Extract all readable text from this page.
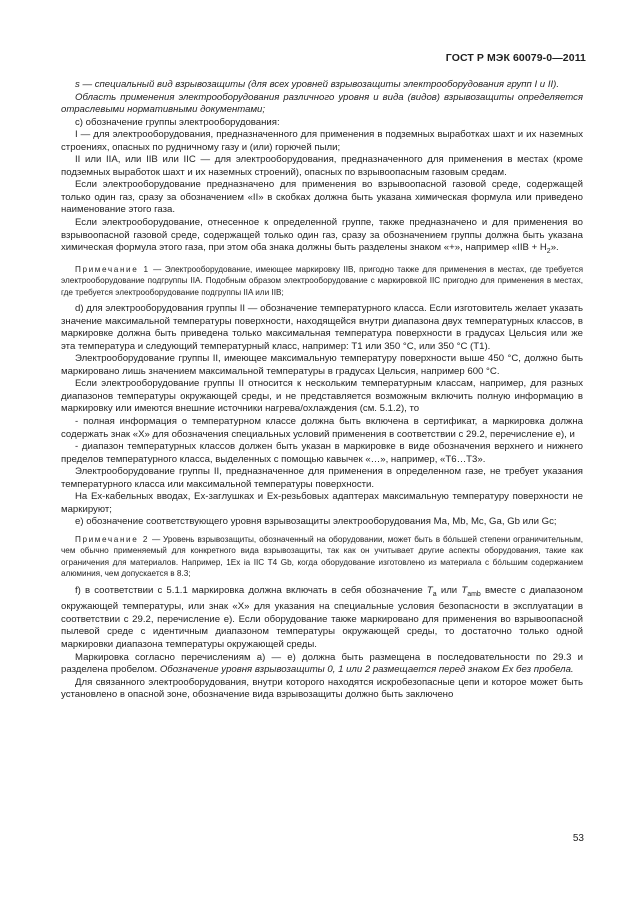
ГОСТ Р МЭК 60079-0—2011

s — специальный вид взрывозащиты (для всех уровней взрывозащиты электрооборудования групп I и II).

Область применения электрооборудования различного уровня и вида (видов) взрывозащиты определяется отраслевыми нормативными документами;

c) обозначение группы электрооборудования:

I — для электрооборудования, предназначенного для применения в подземных выработках шахт и их наземных строениях, опасных по рудничному газу и (или) горючей пыли;

II или IIA, или IIB или IIC — для электрооборудования, предназначенного для применения в местах (кроме подземных выработок шахт и их наземных строений), опасных по взрывоопасным газовым средам.

Если электрооборудование предназначено для применения во взрывоопасной газовой среде, содержащей только один газ, сразу за обозначением «II» в скобках должна быть указана химическая формула или приведено наименование этого газа.

Если электрооборудование, отнесенное к определенной группе, также предназначено и для применения во взрывоопасной газовой среде, содержащей только один газ, сразу за обозначением группы должна быть указана химическая формула этого газа, при этом оба знака должны быть разделены знаком «+», например «IIB + $H_2$».

Примечание 1 — Электрооборудование, имеющее маркировку IIB, пригодно также для применения в местах, где требуется электрооборудование подгруппы IIA. Подобным образом электрооборудование с маркировкой IIC пригодно для применения в местах, где требуется электрооборудование подгруппы IIA или IIB;

d) для электрооборудования группы II — обозначение температурного класса. Если изготовитель желает указать значение максимальной температуры поверхности, находящейся внутри диапазона двух температурных классов, в маркировке должна быть приведена только максимальная температура поверхности в градусах Цельсия или же эта температура и следующий температурный класс, например: T1 или 350 °С, или 350 °С (Т1).

Электрооборудование группы II, имеющее максимальную температуру поверхности выше 450 °С, должно быть маркировано лишь значением максимальной температуры в градусах Цельсия, например 600 °С.

Если электрооборудование группы II относится к нескольким температурным классам, например, для разных диапазонов температуры окружающей среды, и не представляется возможным включить полную информацию в маркировку или имеются внешние источники нагрева/охлаждения (см. 5.1.2), то

- полная информация о температурном классе должна быть включена в сертификат, а маркировка должна содержать знак «Х» для обозначения специальных условий применения в соответствии с 29.2, перечисление е), и

- диапазон температурных классов должен быть указан в маркировке в виде обозначения верхнего и нижнего пределов температурного класса, выделенных с помощью кавычек «…», например, «Т6…Т3».

Электрооборудование группы II, предназначенное для применения в определенном газе, не требует указания температурного класса или максимальной температуры поверхности.

На Ex-кабельных вводах, Ex-заглушках и Ex-резьбовых адаптерах максимальную температуру поверхности не маркируют;

e) обозначение соответствующего уровня взрывозащиты электрооборудования Ma, Mb, Mc, Ga, Gb или Gc;

Примечание 2 — Уровень взрывозащиты, обозначенный на оборудовании, может быть в бóльшей степени ограничительным, чем обычно применяемый для конкретного вида взрывозащиты, так как он учитывает другие аспекты оборудования, такие как ограничения для материалов. Например, 1Ex ia IIC T4 Gb, когда оборудование изготовлено из материала с бóльшим содержанием алюминия, чем допускается в 8.3;

f) в соответствии с 5.1.1 маркировка должна включать в себя обозначение $T_a$ или $T_{amb}$ вместе с диапазоном окружающей температуры, или знак «Х» для указания на специальные условия безопасности в эксплуатации в соответствии с 29.2, перечисление е). Если оборудование также маркировано для применения во взрывоопасной пылевой среде с идентичным диапазоном температуры окружающей среды, то достаточно только одной маркировки диапазона температуры окружающей среды.

Маркировка согласно перечислениям а) — е) должна быть размещена в последовательности по 29.3 и разделена пробелом. Обозначение уровня взрывозащиты 0, 1 или 2 размещается перед знаком Ex без пробела.

Для связанного электрооборудования, внутри которого находятся искробезопасные цепи и которое может быть установлено в опасной зоне, обозначение вида взрывозащиты должно быть заключено

53
